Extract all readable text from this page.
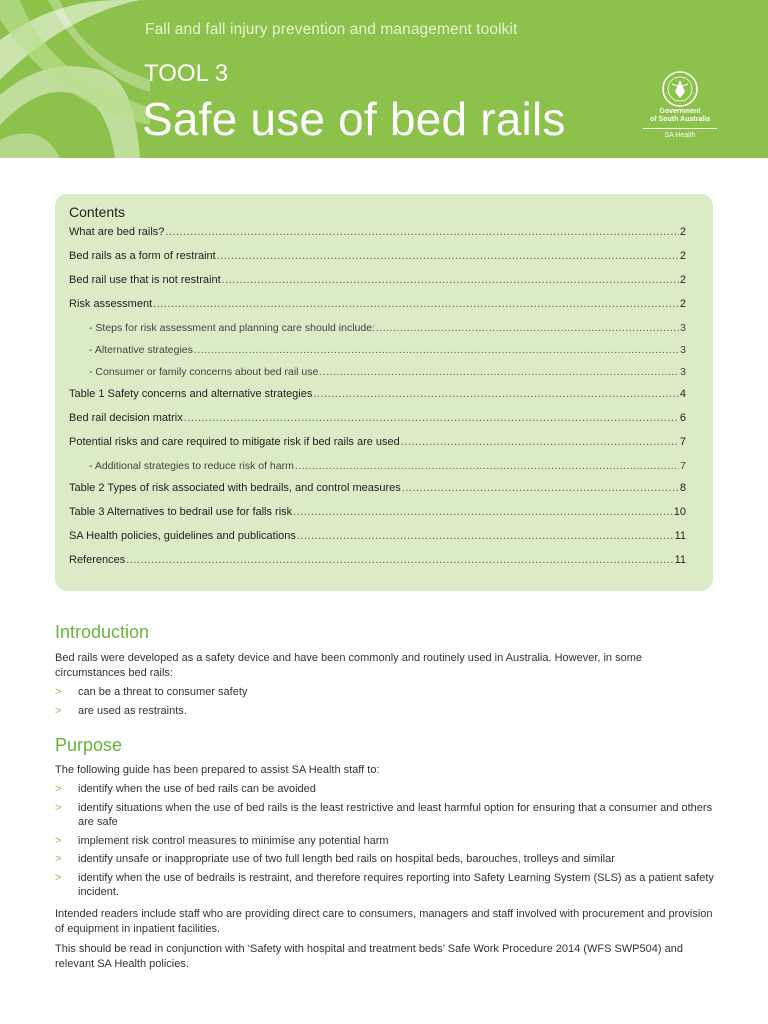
Fall and fall injury prevention and management toolkit
TOOL 3
Safe use of bed rails	Government
of South Australia
SA Health
Contents
What are bed rails? .....	2
Bed rails as a form of restraint .....	2
Bed rail use that is not restraint .....	2
Risk assessment .....	2
- Steps for risk assessment and planning care should include: .....	3
- Alternative strategies .....	3
- Consumer or family concerns about bed rail use .....	3
Table 1 Safety concerns and alternative strategies .....	4
Bed rail decision matrix .....	6
Potential risks and care required to mitigate risk if bed rails are used .....	7
- Additional strategies to reduce risk of harm .....	7
Table 2 Types of risk associated with bedrails, and control measures .....	8
Table 3 Alternatives to bedrail use for falls risk .....	10
SA Health policies, guidelines and publications .....	11
References .....	11
Introduction

Bed rails were developed as a safety device and have been commonly and routinely used in Australia. However, in some circumstances bed rails:

> can be a threat to consumer safety
> are used as restraints.
Purpose

The following guide has been prepared to assist SA Health staff to:

> identify when the use of bed rails can be avoided
> identify situations when the use of bed rails is the least restrictive and least harmful option for ensuring that a consumer and others are safe
> implement risk control measures to minimise any potential harm
> identify unsafe or inappropriate use of two full length bed rails on hospital beds, barouches, trolleys and similar
> identify when the use of bedrails is restraint, and therefore requires reporting into Safety Learning System (SLS) as a patient safety incident.

Intended readers include staff who are providing direct care to consumers, managers and staff involved with procurement and provision of equipment in inpatient facilities.

This should be read in conjunction with ‘Safety with hospital and treatment beds’ Safe Work Procedure 2014 (WFS SWP504) and relevant SA Health policies.
